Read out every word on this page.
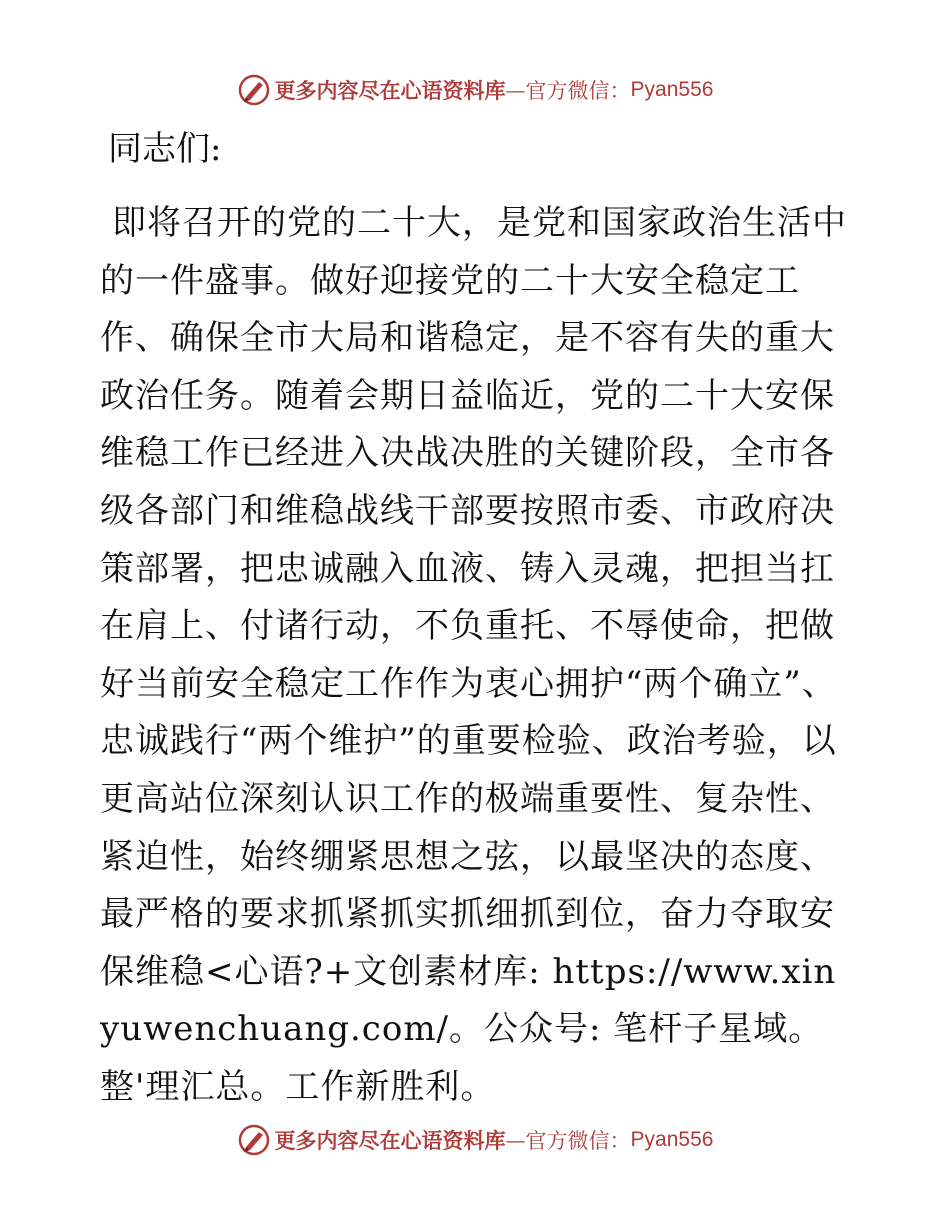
更多内容尽在心语资料库 — 官方微信： Pyan556

同志们:

即将召开的党的二十大，是党和国家政治生活中的一件盛事。做好迎接党的二十大安全稳定工作、确保全市大局和谐稳定，是不容有失的重大政治任务。随着会期日益临近，党的二十大安保维稳工作已经进入决战决胜的关键阶段，全市各级各部门和维稳战线干部要按照市委、市政府决策部署，把忠诚融入血液、铸入灵魂，把担当扛在肩上、付诸行动，不负重托、不辱使命，把做好当前安全稳定工作作为衷心拥护“两个确立”、忠诚践行“两个维护”的重要检验、政治考验，以更高站位深刻认识工作的极端重要性、复杂性、紧迫性，始终绷紧思想之弦，以最坚决的态度、最严格的要求抓紧抓实抓细抓到位，奋力夺取安保维稳<心语?+文创素材库: https://www.xinyuwenchuang.com/。公众号: 笔杆子星域。整'理汇总。工作新胜利。

更多内容尽在心语资料库 — 官方微信： Pyan556
